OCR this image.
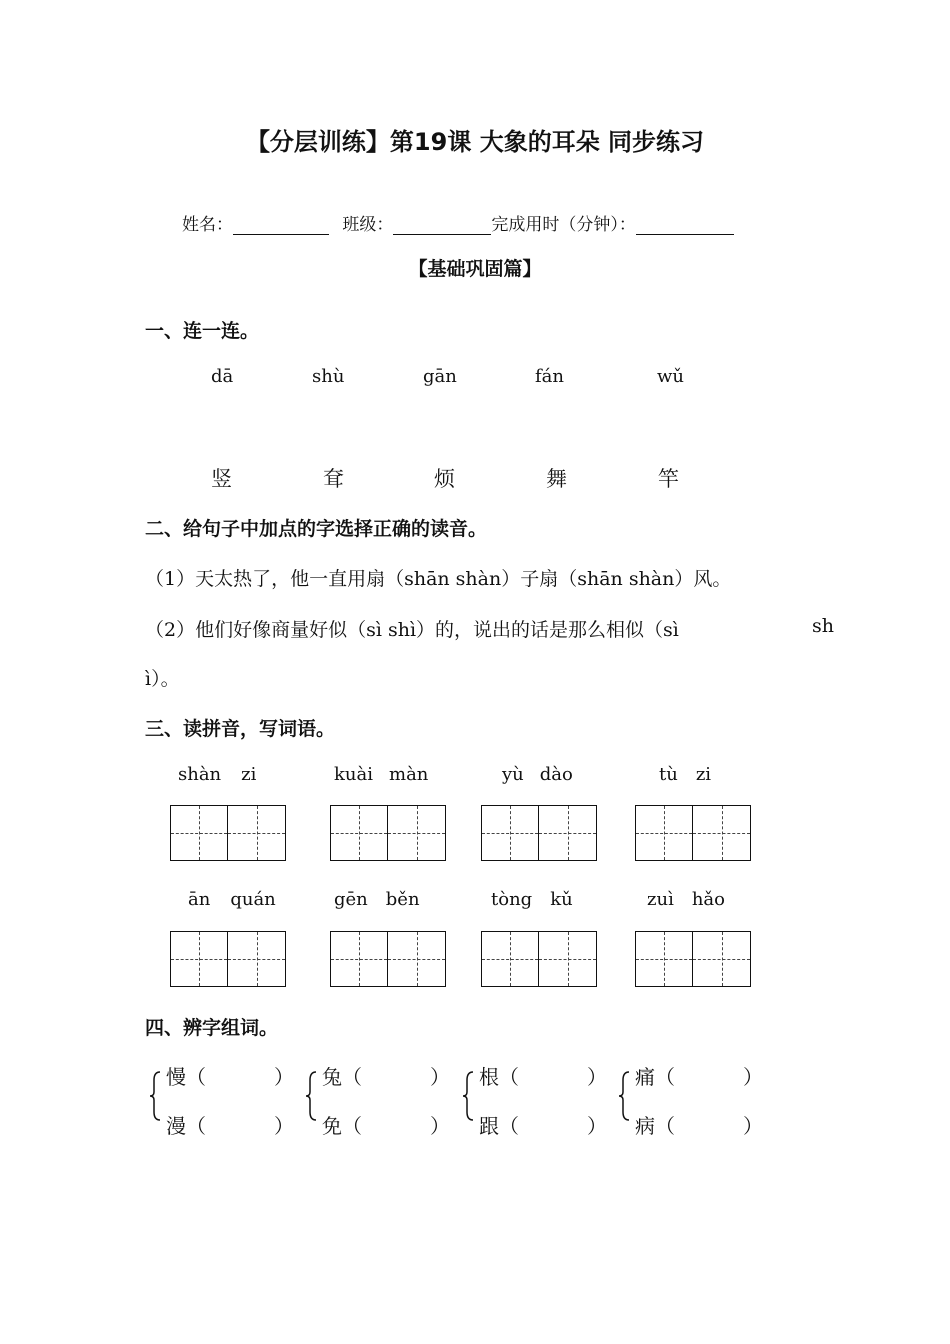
【分层训练】第19课 大象的耳朵 同步练习
姓名：	班级：	完成用时（分钟）：
【基础巩固篇】
一、连一连。
dā	shù	gān	fán	wǔ
竖	耷	烦	舞	竿
二、给句子中加点的字选择正确的读音。
（1）天太热了，他一直用扇（shān shàn）子扇（shān shàn）风。
（2）他们好像商量好似（sì shì）的，说出的话是那么相似（sì	sh
ì）。
三、读拼音，写词语。
shàn zi	kuài màn	yù dào	tù zi
ān quán	gēn běn	tòng kǔ	zuì hǎo
四、辨字组词。
慢（	）
漫（	）
兔（	）
免（	）
根（	）
跟（	）
痛（	）
病（	）
